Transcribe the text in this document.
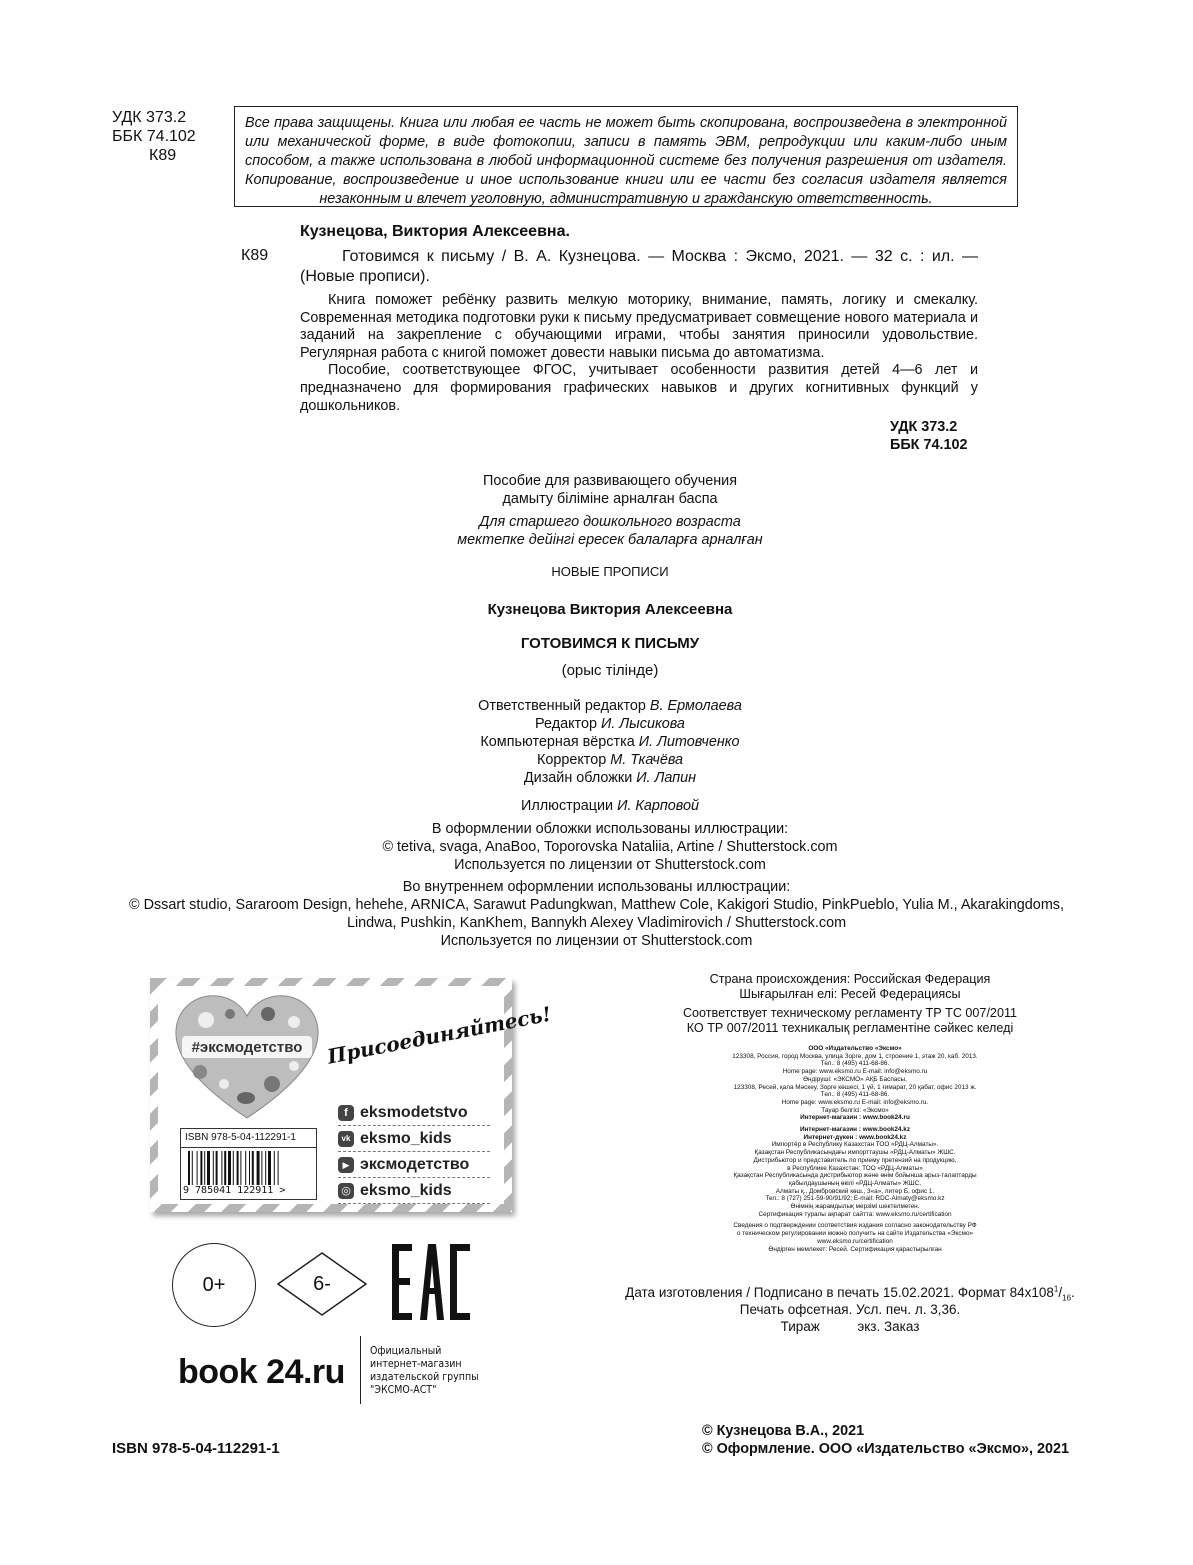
УДК 373.2
ББК 74.102
К89
Все права защищены. Книга или любая ее часть не может быть скопирована, воспроизведена в электронной или механической форме, в виде фотокопии, записи в память ЭВМ, репродукции или каким-либо иным способом, а также использована в любой информационной системе без получения разрешения от издателя. Копирование, воспроизведение и иное использование книги или ее части без согласия издателя является незаконным и влечет уголовную, административную и гражданскую ответственность.
Кузнецова, Виктория Алексеевна.
К89	Готовимся к письму / В. А. Кузнецова. — Москва : Эксмо, 2021. — 32 с. : ил. — (Новые прописи).

Книга поможет ребёнку развить мелкую моторику, внимание, память, логику и смекалку. Современная методика подготовки руки к письму предусматривает совмещение нового материала и заданий на закрепление с обучающими играми, чтобы занятия приносили удовольствие. Регулярная работа с книгой поможет довести навыки письма до автоматизма.

Пособие, соответствующее ФГОС, учитывает особенности развития детей 4—6 лет и предназначено для формирования графических навыков и других когнитивных функций у дошкольников.

УДК 373.2
ББК 74.102
Пособие для развивающего обучения
дамыту біліміне арналған баспа
Для старшего дошкольного возраста
мектепке дейінгі ересек балаларға арналған
НОВЫЕ ПРОПИСИ
Кузнецова Виктория Алексеевна
ГОТОВИМСЯ К ПИСЬМУ
(орыс тілінде)
Ответственный редактор В. Ермолаева
Редактор И. Лысикова
Компьютерная вёрстка И. Литовченко
Корректор М. Ткачёва
Дизайн обложки И. Лапин
Иллюстрации И. Карповой
В оформлении обложки использованы иллюстрации:
© tetiva, svaga, AnaBoo, Toporovska Nataliia, Artine / Shutterstock.com
Используется по лицензии от Shutterstock.com
Во внутреннем оформлении использованы иллюстрации:
© Dssart studio, Sararoom Design, hehehe, ARNICA, Sarawut Padungkwan, Matthew Cole, Kakigori Studio, PinkPueblo, Yulia M., Akarakingdoms,
Lindwa, Pushkin, KanKhem, Bannykh Alexey Vladimirovich / Shutterstock.com
Используется по лицензии от Shutterstock.com
#эксмодетство Присоединяйтесь!
f eksmodetstvo
vk eksmo_kids
▶ эксмодетство
◎ eksmo_kids
ISBN 978-5-04-112291-1
9 785041 122911 >
0+	6-
book 24.ru
Официальный
интернет-магазин
издательской группы
"ЭКСМО-АСТ"
Страна происхождения: Российская Федерация
Шығарылған елі: Ресей Федерациясы
Соответствует техническому регламенту ТР ТС 007/2011
КО ТР 007/2011 техникалық регламентіне сәйкес келеді
ООО «Издательство «Эксмо»
123308, Россия, город Москва, улица Зорге, дом 1, строение 1, этаж 20, каб. 2013.
Тел.: 8 (495) 411-68-86.
Home page: www.eksmo.ru E-mail: info@eksmo.ru
Өндіруші: «ЭКСМО» АҚБ Баспасы,
123308, Ресей, қала Мәскеу, Зорге көшесі, 1 үй, 1 ғимарат, 20 қабат, офис 2013 ж.
Тел.: 8 (495) 411-68-86.
Home page: www.eksmo.ru E-mail: info@eksmo.ru.
Тауар белгісі: «Эксмо»
Интернет-магазин : www.book24.ru
Интернет-магазин : www.book24.kz
Интернет-дүкен : www.book24.kz
Импортёр в Республику Казахстан ТОО «РДЦ-Алматы».
Қазақстан Республикасындағы импорттаушы «РДЦ-Алматы» ЖШС.
Дистрибьютор и представитель по приему претензий на продукцию,
в Республике Казахстан: ТОО «РДЦ-Алматы»
Қазақстан Республикасында дистрибьютор және өнім бойынша арыз-талаптарды
қабылдаушының өкілі «РДЦ-Алматы» ЖШС,
Алматы қ., Домбровский көш., 3«а», литер Б, офис 1.
Тел.: 8 (727) 251-59-90/91/92; E-mail: RDC-Almaty@eksmo.kz
Өнімнің жарамдылық мерзімі шектелмеген.
Сертификация туралы ақпарат сайтта: www.eksmo.ru/certification
Сведения о подтверждении соответствия издания согласно законодательству РФ
о техническом регулировании можно получить на сайте Издательства «Эксмо»
www.eksmo.ru/certification
Өндірген мемлекет: Ресей. Сертификация қарастырылған
Дата изготовления / Подписано в печать 15.02.2021. Формат $84x108^1/_{16}$.
Печать офсетная. Усл. печ. л. 3,36.
Тираж          экз. Заказ
© Кузнецова В.А., 2021
© Оформление. ООО «Издательство «Эксмо», 2021
ISBN 978-5-04-112291-1
